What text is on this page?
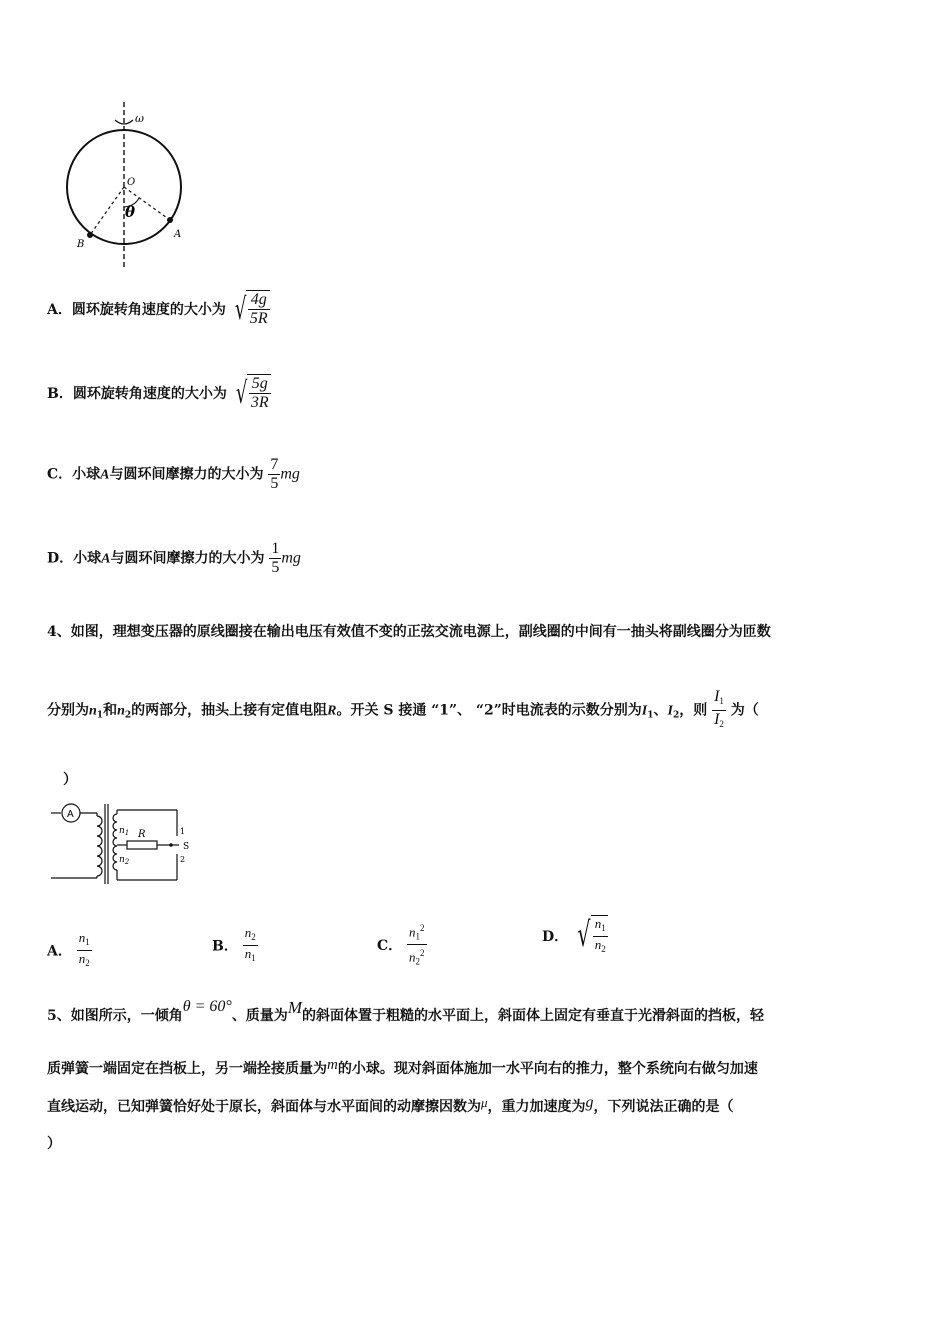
ω
O
θ
A
B
A．圆环旋转角速度的大小为 √ $\frac{4g}{5R}$
B．圆环旋转角速度的大小为 √ $\frac{5g}{3R}$
C．小球A与圆环间摩擦力的大小为 $\frac{7}{5}$ mg
D．小球A与圆环间摩擦力的大小为 $\frac{1}{5}$ mg
4、如图，理想变压器的原线圈接在输出电压有效值不变的正弦交流电源上，副线圈的中间有一抽头将副线圈分为匝数
分别为$n_1$和$n_2$的两部分，抽头上接有定值电阻R。开关 S 接通 “1”、 “2”时电流表的示数分别为$I_1$、$I_2$，则 $\frac{I_1}{I_2}$ 为（
）
A
$n_1$
$n_2$
R	1
S
2
A． $\frac{n_1}{n_2}$	B． $\frac{n_2}{n_1}$	C． $\frac{n_1^2}{n_2^2}$	D． √ $\frac{n_1}{n_2}$
5、如图所示，一倾角θ = 60°、质量为M的斜面体置于粗糙的水平面上，斜面体上固定有垂直于光滑斜面的挡板，轻
质弹簧一端固定在挡板上，另一端拴接质量为m的小球。现对斜面体施加一水平向右的推力，整个系统向右做匀加速
直线运动，已知弹簧恰好处于原长，斜面体与水平面间的动摩擦因数为μ，重力加速度为g，下列说法正确的是（
）
